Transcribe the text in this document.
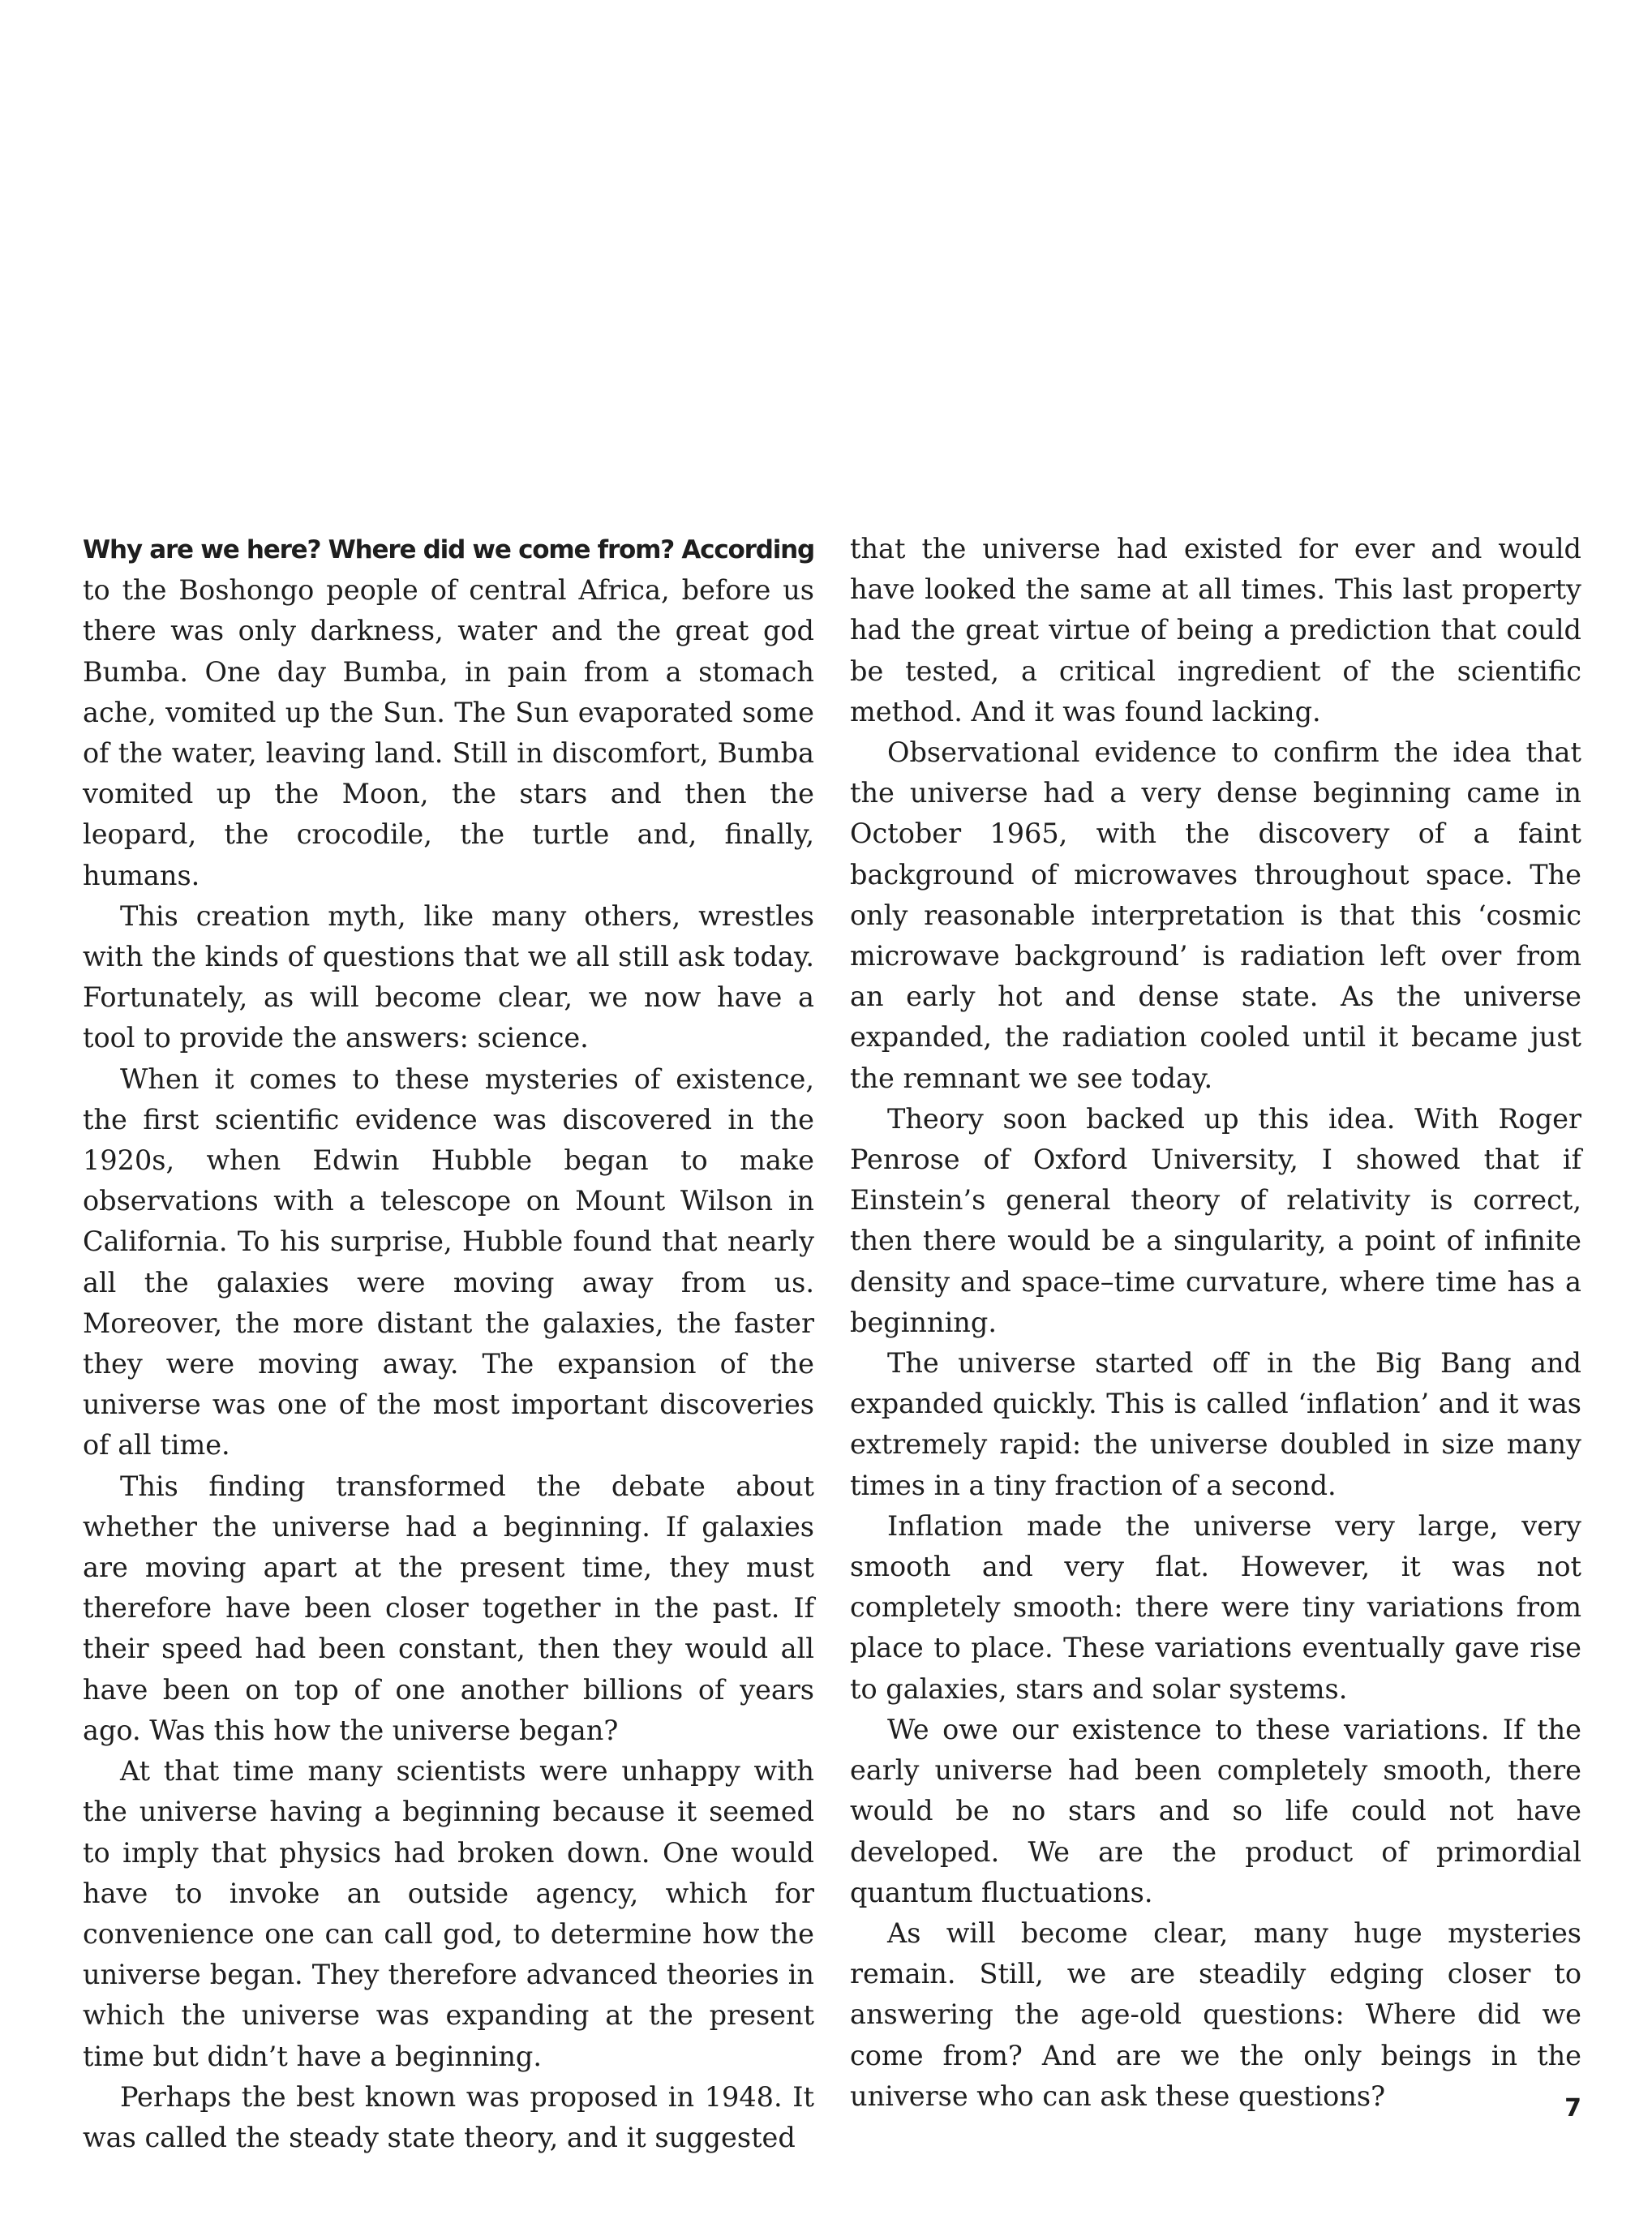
Why are we here? Where did we come from? According to the Boshongo people of central Africa, before us there was only darkness, water and the great god Bumba. One day Bumba, in pain from a stomach ache, vomited up the Sun. The Sun evaporated some of the water, leaving land. Still in discomfort, Bumba vomited up the Moon, the stars and then the leopard, the crocodile, the turtle and, finally, humans.

This creation myth, like many others, wrestles with the kinds of questions that we all still ask today. Fortunately, as will become clear, we now have a tool to provide the answers: science.

When it comes to these mysteries of existence, the first scientific evidence was discovered in the 1920s, when Edwin Hubble began to make observations with a telescope on Mount Wilson in California. To his surprise, Hubble found that nearly all the galaxies were moving away from us. Moreover, the more distant the galaxies, the faster they were moving away. The expansion of the universe was one of the most important discoveries of all time.

This finding transformed the debate about whether the universe had a beginning. If galaxies are moving apart at the present time, they must therefore have been closer together in the past. If their speed had been constant, then they would all have been on top of one another billions of years ago. Was this how the universe began?

At that time many scientists were unhappy with the universe having a beginning because it seemed to imply that physics had broken down. One would have to invoke an outside agency, which for convenience one can call god, to determine how the universe began. They therefore advanced theories in which the universe was expanding at the present time but didn’t have a beginning.

Perhaps the best known was proposed in 1948. It was called the steady state theory, and it suggested

that the universe had existed for ever and would have looked the same at all times. This last property had the great virtue of being a prediction that could be tested, a critical ingredient of the scientific method. And it was found lacking.

Observational evidence to confirm the idea that the universe had a very dense beginning came in October 1965, with the discovery of a faint background of microwaves throughout space. The only reasonable interpretation is that this ‘cosmic microwave background’ is radiation left over from an early hot and dense state. As the universe expanded, the radiation cooled until it became just the remnant we see today.

Theory soon backed up this idea. With Roger Penrose of Oxford University, I showed that if Einstein’s general theory of relativity is correct, then there would be a singularity, a point of infinite density and space–time curvature, where time has a beginning.

The universe started off in the Big Bang and expanded quickly. This is called ‘inflation’ and it was extremely rapid: the universe doubled in size many times in a tiny fraction of a second.

Inflation made the universe very large, very smooth and very flat. However, it was not completely smooth: there were tiny variations from place to place. These variations eventually gave rise to galaxies, stars and solar systems.

We owe our existence to these variations. If the early universe had been completely smooth, there would be no stars and so life could not have developed. We are the product of primordial quantum fluctuations.

As will become clear, many huge mysteries remain. Still, we are steadily edging closer to answering the age-old questions: Where did we come from? And are we the only beings in the universe who can ask these questions?	7
